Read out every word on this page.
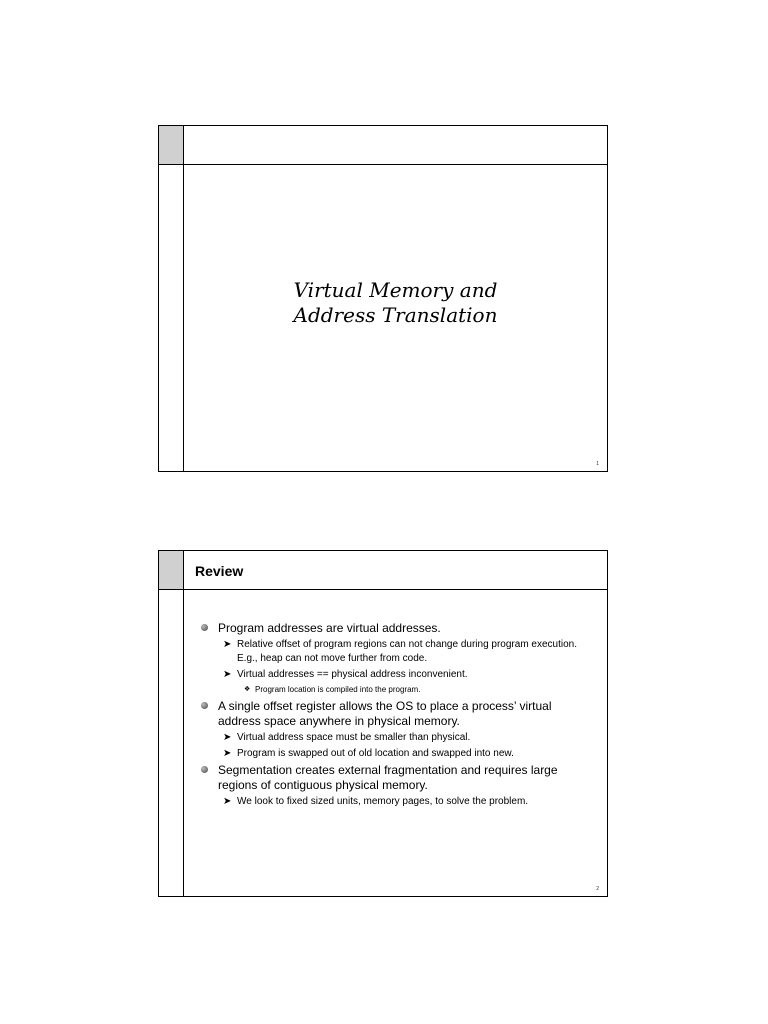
Virtual Memory and
Address Translation
1
Review
Program addresses are virtual addresses.
➤ Relative offset of program regions can not change during program execution. E.g., heap can not move further from code.
➤ Virtual addresses == physical address inconvenient.
❖ Program location is compiled into the program.
A single offset register allows the OS to place a process’ virtual address space anywhere in physical memory.
➤ Virtual address space must be smaller than physical.
➤ Program is swapped out of old location and swapped into new.
Segmentation creates external fragmentation and requires large regions of contiguous physical memory.
➤ We look to fixed sized units, memory pages, to solve the problem.
2
